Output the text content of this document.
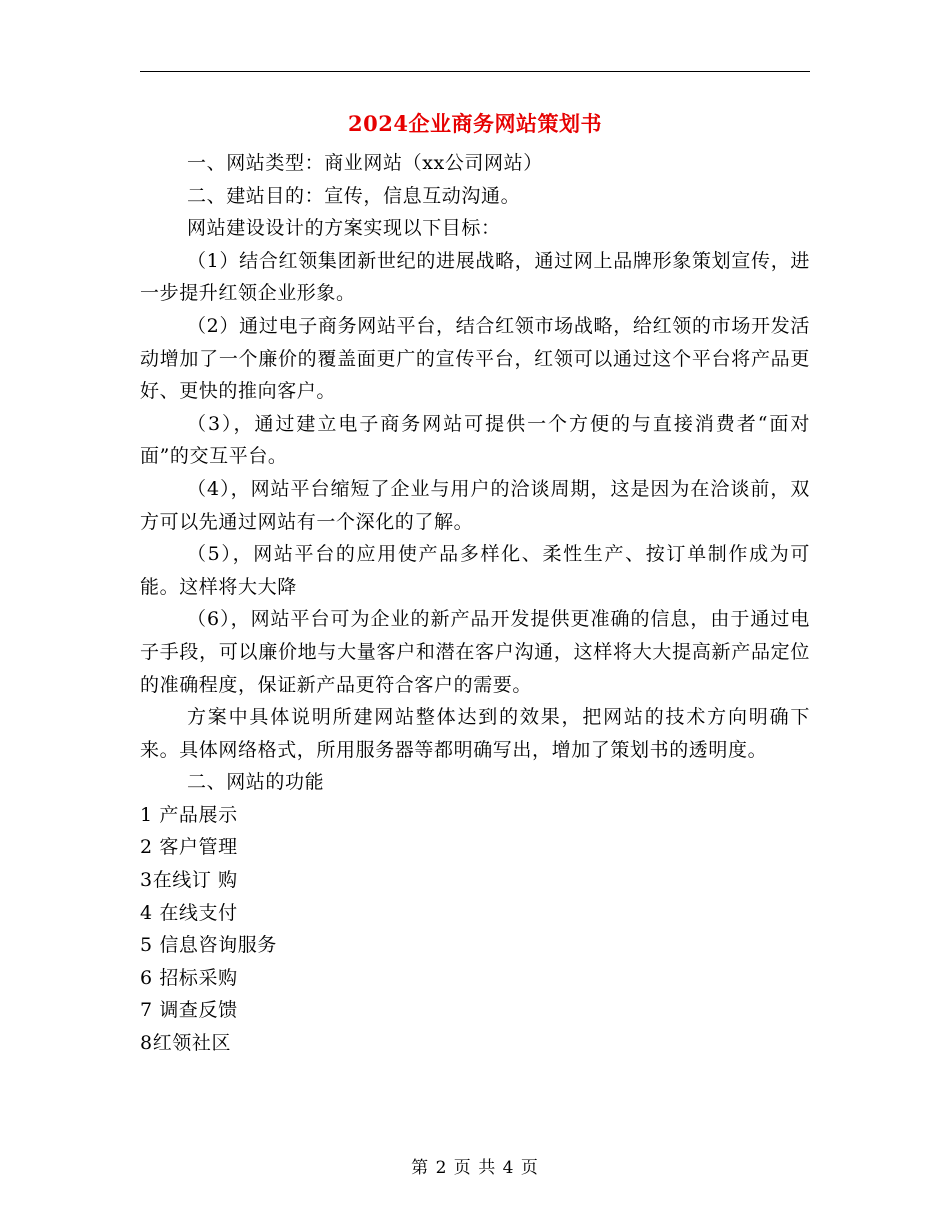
2024企业商务网站策划书

一、网站类型：商业网站（xx公司网站）

二、建站目的：宣传，信息互动沟通。

网站建设设计的方案实现以下目标：

（1）结合红领集团新世纪的进展战略，通过网上品牌形象策划宣传，进一步提升红领企业形象。

（2）通过电子商务网站平台，结合红领市场战略，给红领的市场开发活动增加了一个廉价的覆盖面更广的宣传平台，红领可以通过这个平台将产品更好、更快的推向客户。

（3），通过建立电子商务网站可提供一个方便的与直接消费者“面对面”的交互平台。

（4），网站平台缩短了企业与用户的洽谈周期，这是因为在洽谈前，双方可以先通过网站有一个深化的了解。

（5），网站平台的应用使产品多样化、柔性生产、按订单制作成为可能。这样将大大降

（6），网站平台可为企业的新产品开发提供更准确的信息，由于通过电子手段，可以廉价地与大量客户和潜在客户沟通，这样将大大提高新产品定位的准确程度，保证新产品更符合客户的需要。

方案中具体说明所建网站整体达到的效果，把网站的技术方向明确下来。具体网络格式，所用服务器等都明确写出，增加了策划书的透明度。

二、网站的功能

1 产品展示

2 客户管理

3在线订 购

4 在线支付

5 信息咨询服务

6 招标采购

7 调查反馈

8红领社区

第 2 页 共 4 页
